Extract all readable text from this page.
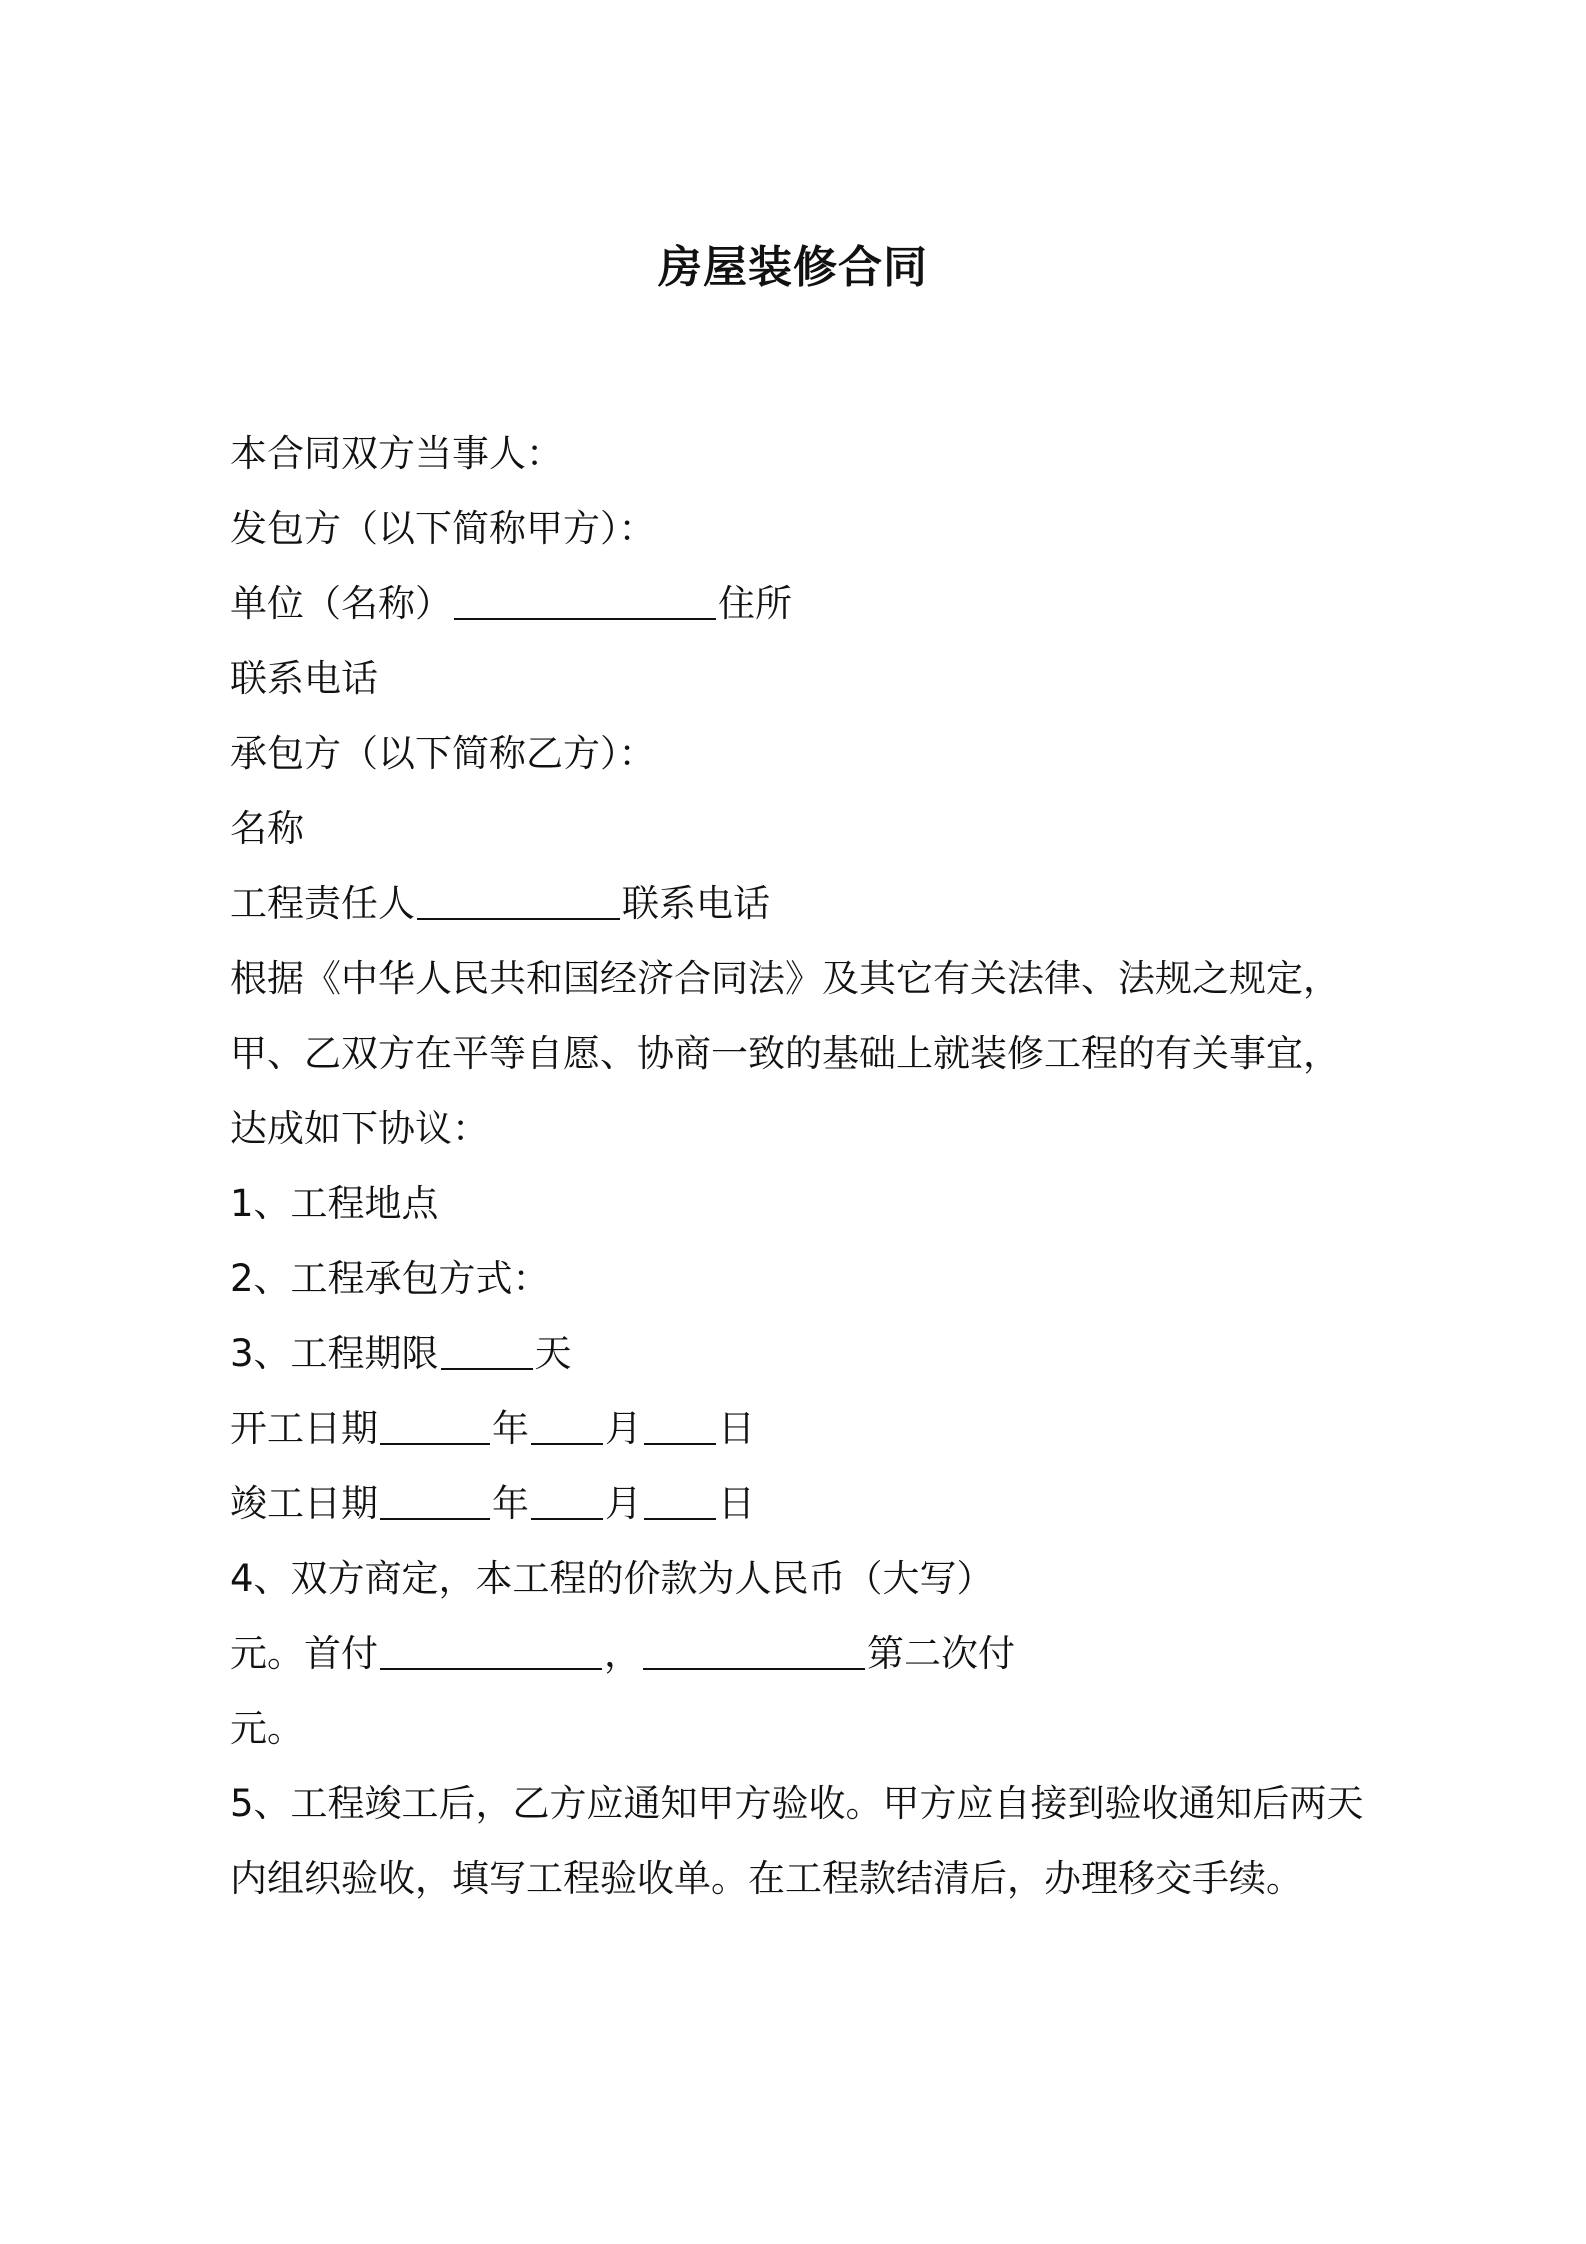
房屋装修合同
本合同双方当事人：
发包方（以下简称甲方）：
单位（名称）	住所
联系电话
承包方（以下简称乙方）：
名称
工程责任人	联系电话
根据《中华人民共和国经济合同法》及其它有关法律、法规之规定，
甲、乙双方在平等自愿、协商一致的基础上就装修工程的有关事宜，
达成如下协议：
1、工程地点
2、工程承包方式：
3、工程期限	天
开工日期	年 月 日
竣工日期	年 月 日
4、双方商定，本工程的价款为人民币（大写）
元。首付	，	第二次付
元。
5、工程竣工后，乙方应通知甲方验收。甲方应自接到验收通知后两天
内组织验收，填写工程验收单。在工程款结清后，办理移交手续。
